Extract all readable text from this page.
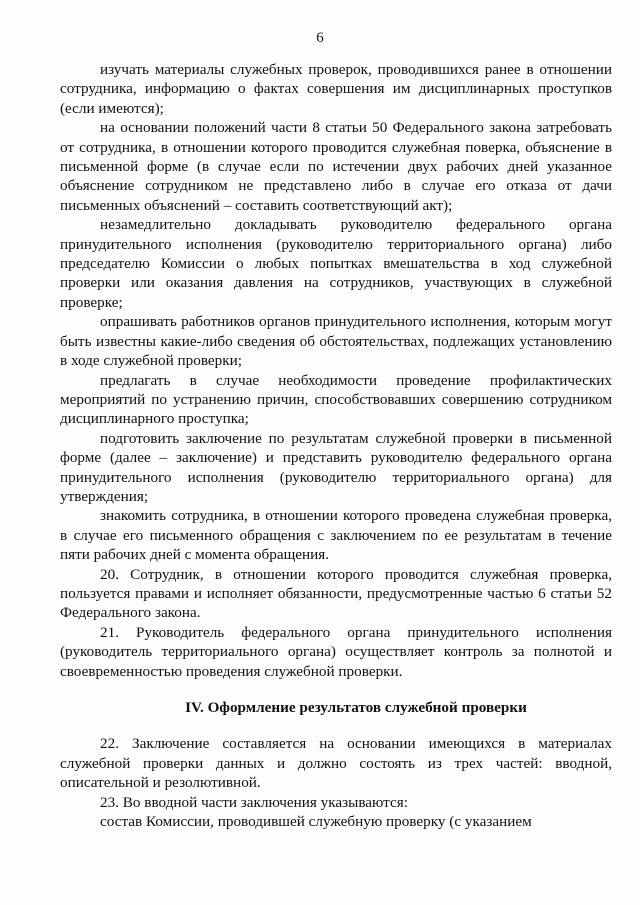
6

изучать материалы служебных проверок, проводившихся ранее в отношении сотрудника, информацию о фактах совершения им дисциплинарных проступков (если имеются);

на основании положений части 8 статьи 50 Федерального закона затребовать от сотрудника, в отношении которого проводится служебная поверка, объяснение в письменной форме (в случае если по истечении двух рабочих дней указанное объяснение сотрудником не представлено либо в случае его отказа от дачи письменных объяснений – составить соответствующий акт);

незамедлительно докладывать руководителю федерального органа принудительного исполнения (руководителю территориального органа) либо председателю Комиссии о любых попытках вмешательства в ход служебной проверки или оказания давления на сотрудников, участвующих в служебной проверке;

опрашивать работников органов принудительного исполнения, которым могут быть известны какие-либо сведения об обстоятельствах, подлежащих установлению в ходе служебной проверки;

предлагать в случае необходимости проведение профилактических мероприятий по устранению причин, способствовавших совершению сотрудником дисциплинарного проступка;

подготовить заключение по результатам служебной проверки в письменной форме (далее – заключение) и представить руководителю федерального органа принудительного исполнения (руководителю территориального органа) для утверждения;

знакомить сотрудника, в отношении которого проведена служебная проверка, в случае его письменного обращения с заключением по ее результатам в течение пяти рабочих дней с момента обращения.

20. Сотрудник, в отношении которого проводится служебная проверка, пользуется правами и исполняет обязанности, предусмотренные частью 6 статьи 52 Федерального закона.

21. Руководитель федерального органа принудительного исполнения (руководитель территориального органа) осуществляет контроль за полнотой и своевременностью проведения служебной проверки.

IV. Оформление результатов служебной проверки

22. Заключение составляется на основании имеющихся в материалах служебной проверки данных и должно состоять из трех частей: вводной, описательной и резолютивной.

23. Во вводной части заключения указываются:

состав Комиссии, проводившей служебную проверку (с указанием
